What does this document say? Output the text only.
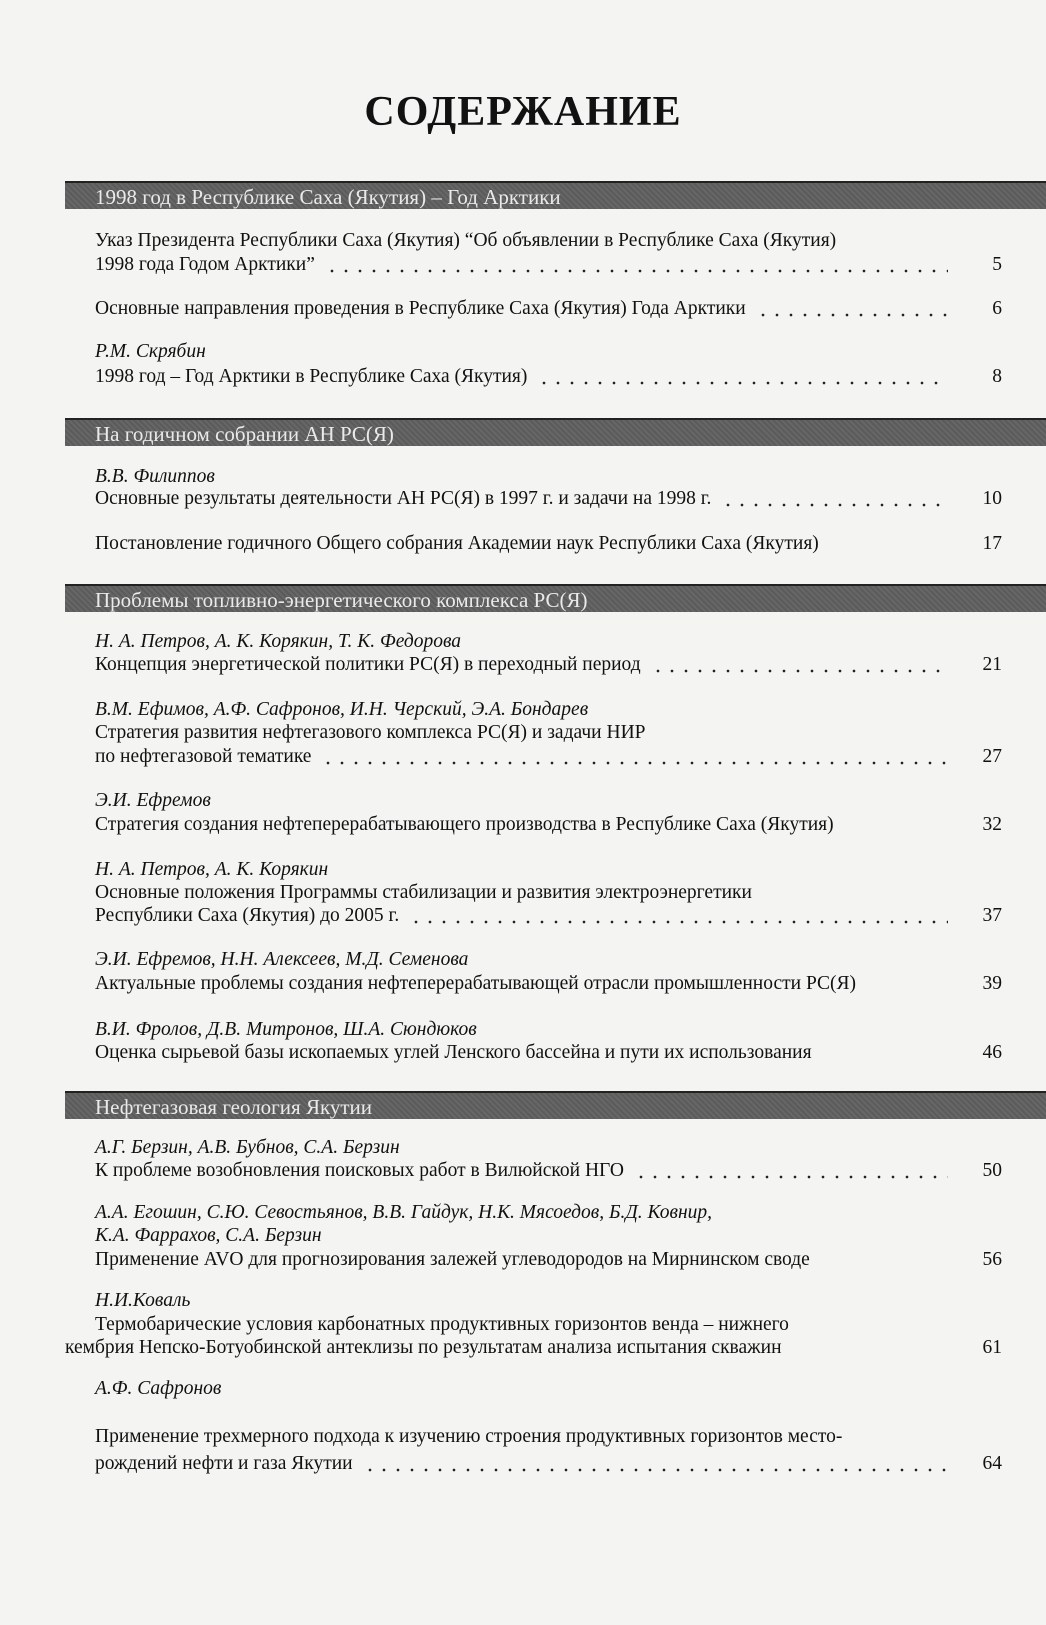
СОДЕРЖАНИЕ
1998 год в Республике Саха (Якутия) – Год Арктики
Указ Президента Республики Саха (Якутия) “Об объявлении в Республике Саха (Якутия)
1998 года Годом Арктики”	5
Основные направления проведения в Республике Саха (Якутия) Года Арктики	6
Р.М. Скрябин
1998 год – Год Арктики в Республике Саха (Якутия)	8
На годичном собрании АН РС(Я)
В.В. Филиппов
Основные результаты деятельности АН РС(Я) в 1997 г. и задачи на 1998 г.	10
Постановление годичного Общего собрания Академии наук Республики Саха (Якутия)	17
Проблемы топливно-энергетического комплекса РС(Я)
Н. А. Петров, А. К. Корякин, Т. К. Федорова
Концепция энергетической политики РС(Я) в переходный период	21
В.М. Ефимов, А.Ф. Сафронов, И.Н. Черский, Э.А. Бондарев
Стратегия развития нефтегазового комплекса РС(Я) и задачи НИР
по нефтегазовой тематике	27
Э.И. Ефремов
Стратегия создания нефтеперерабатывающего производства в Республике Саха (Якутия)	32
Н. А. Петров, А. К. Корякин
Основные положения Программы стабилизации и развития электроэнергетики
Республики Саха (Якутия) до 2005 г.	37
Э.И. Ефремов, Н.Н. Алексеев, М.Д. Семенова
Актуальные проблемы создания нефтеперерабатывающей отрасли промышленности РС(Я)	39
В.И. Фролов, Д.В. Митронов, Ш.А. Сюндюков
Оценка сырьевой базы ископаемых углей Ленского бассейна и пути их использования	46
Нефтегазовая геология Якутии
А.Г. Берзин, А.В. Бубнов, С.А. Берзин
К проблеме возобновления поисковых работ в Вилюйской НГО	50
А.А. Егошин, С.Ю. Севостьянов, В.В. Гайдук, Н.К. Мясоедов, Б.Д. Ковнир,
К.А. Фаррахов, С.А. Берзин
Применение AVO для прогнозирования залежей углеводородов на Мирнинском своде	56
Н.И.Коваль
Термобарические условия карбонатных продуктивных горизонтов венда – нижнего
кембрия Непско-Ботуобинской антеклизы по результатам анализа испытания скважин	61
А.Ф. Сафронов
Применение трехмерного подхода к изучению строения продуктивных горизонтов место-
рождений нефти и газа Якутии	64
